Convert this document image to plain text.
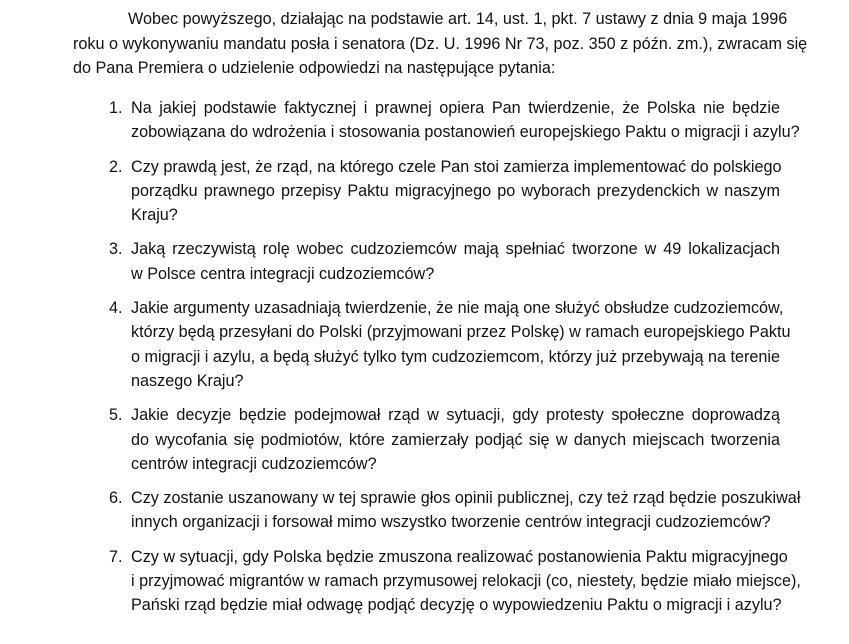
Wobec powyższego, działając na podstawie art. 14, ust. 1, pkt. 7 ustawy z dnia 9 maja 1996
roku o wykonywaniu mandatu posła i senatora (Dz. U. 1996 Nr 73, poz. 350 z późn. zm.), zwracam się
do Pana Premiera o udzielenie odpowiedzi na następujące pytania:
1. Na jakiej podstawie faktycznej i prawnej opiera Pan twierdzenie, że Polska nie będzie
zobowiązana do wdrożenia i stosowania postanowień europejskiego Paktu o migracji i azylu?
2. Czy prawdą jest, że rząd, na którego czele Pan stoi zamierza implementować do polskiego
porządku prawnego przepisy Paktu migracyjnego po wyborach prezydenckich w naszym
Kraju?
3. Jaką rzeczywistą rolę wobec cudzoziemców mają spełniać tworzone w 49 lokalizacjach
w Polsce centra integracji cudzoziemców?
4. Jakie argumenty uzasadniają twierdzenie, że nie mają one służyć obsłudze cudzoziemców,
którzy będą przesyłani do Polski (przyjmowani przez Polskę) w ramach europejskiego Paktu
o migracji i azylu, a będą służyć tylko tym cudzoziemcom, którzy już przebywają na terenie
naszego Kraju?
5. Jakie decyzje będzie podejmował rząd w sytuacji, gdy protesty społeczne doprowadzą
do wycofania się podmiotów, które zamierzały podjąć się w danych miejscach tworzenia
centrów integracji cudzoziemców?
6. Czy zostanie uszanowany w tej sprawie głos opinii publicznej, czy też rząd będzie poszukiwał
innych organizacji i forsował mimo wszystko tworzenie centrów integracji cudzoziemców?
7. Czy w sytuacji, gdy Polska będzie zmuszona realizować postanowienia Paktu migracyjnego
i przyjmować migrantów w ramach przymusowej relokacji (co, niestety, będzie miało miejsce),
Pański rząd będzie miał odwagę podjąć decyzję o wypowiedzeniu Paktu o migracji i azylu?
